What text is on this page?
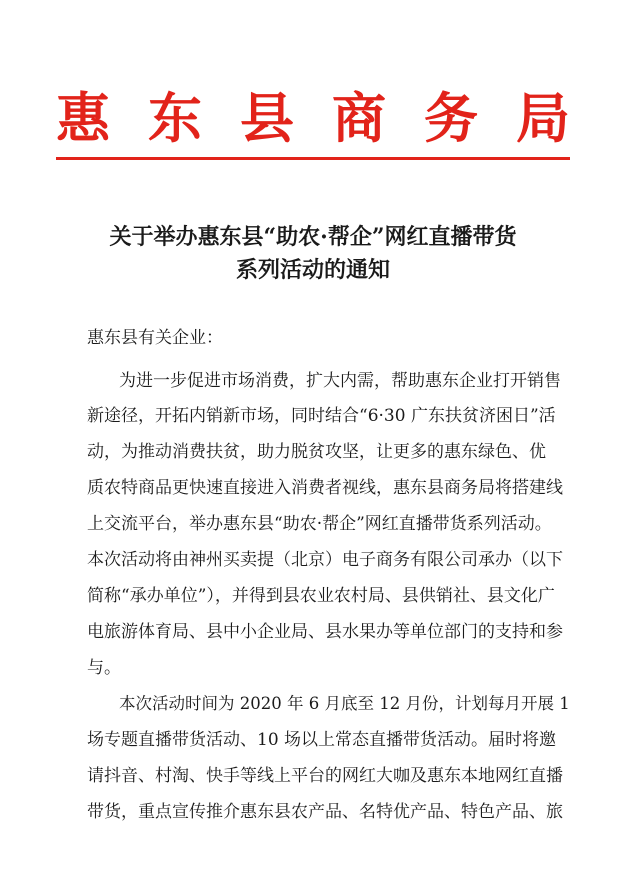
惠 东 县 商 务 局
关于举办惠东县“助农·帮企”网红直播带货
系列活动的通知
惠东县有关企业：
为进一步促进市场消费，扩大内需，帮助惠东企业打开销售
新途径，开拓内销新市场，同时结合“6·30 广东扶贫济困日”活
动，为推动消费扶贫，助力脱贫攻坚，让更多的惠东绿色、优
质农特商品更快速直接进入消费者视线，惠东县商务局将搭建线
上交流平台，举办惠东县“助农·帮企”网红直播带货系列活动。
本次活动将由神州买卖提（北京）电子商务有限公司承办（以下
简称“承办单位”），并得到县农业农村局、县供销社、县文化广
电旅游体育局、县中小企业局、县水果办等单位部门的支持和参
与。
本次活动时间为 2020 年 6 月底至 12 月份，计划每月开展 1
场专题直播带货活动、10 场以上常态直播带货活动。届时将邀
请抖音、村淘、快手等线上平台的网红大咖及惠东本地网红直播
带货，重点宣传推介惠东县农产品、名特优产品、特色产品、旅
